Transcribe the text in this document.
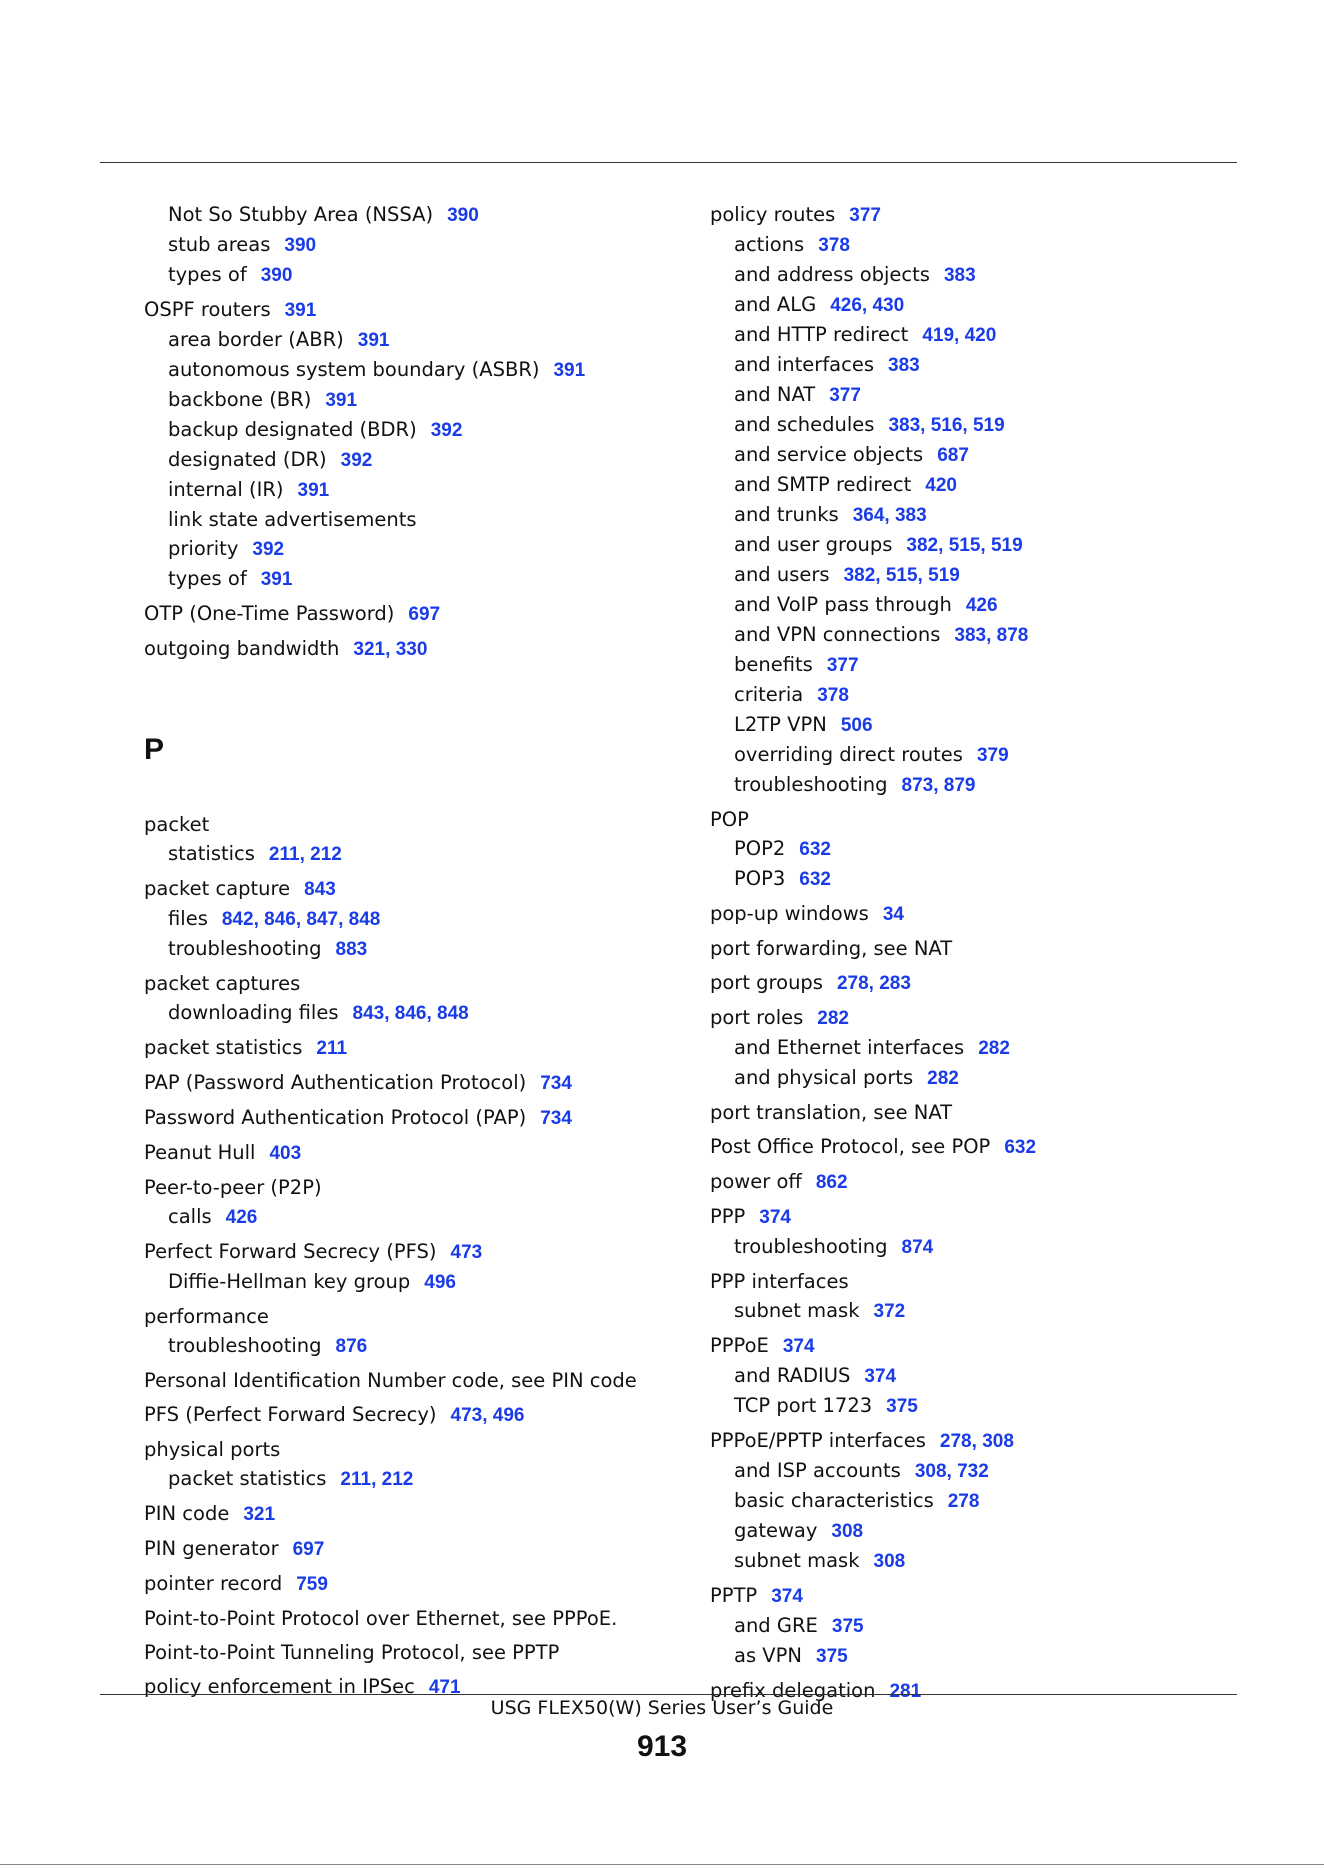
Not So Stubby Area (NSSA) 390
stub areas 390
types of 390
OSPF routers 391
area border (ABR) 391
autonomous system boundary (ASBR) 391
backbone (BR) 391
backup designated (BDR) 392
designated (DR) 392
internal (IR) 391
link state advertisements
priority 392
types of 391
OTP (One-Time Password) 697
outgoing bandwidth 321, 330
P
packet
statistics 211, 212
packet capture 843
files 842, 846, 847, 848
troubleshooting 883
packet captures
downloading files 843, 846, 848
packet statistics 211
PAP (Password Authentication Protocol) 734
Password Authentication Protocol (PAP) 734
Peanut Hull 403
Peer-to-peer (P2P)
calls 426
Perfect Forward Secrecy (PFS) 473
Diffie-Hellman key group 496
performance
troubleshooting 876
Personal Identification Number code, see PIN code
PFS (Perfect Forward Secrecy) 473, 496
physical ports
packet statistics 211, 212
PIN code 321
PIN generator 697
pointer record 759
Point-to-Point Protocol over Ethernet, see PPPoE.
Point-to-Point Tunneling Protocol, see PPTP
policy enforcement in IPSec 471
policy routes 377
actions 378
and address objects 383
and ALG 426, 430
and HTTP redirect 419, 420
and interfaces 383
and NAT 377
and schedules 383, 516, 519
and service objects 687
and SMTP redirect 420
and trunks 364, 383
and user groups 382, 515, 519
and users 382, 515, 519
and VoIP pass through 426
and VPN connections 383, 878
benefits 377
criteria 378
L2TP VPN 506
overriding direct routes 379
troubleshooting 873, 879
POP
POP2 632
POP3 632
pop-up windows 34
port forwarding, see NAT
port groups 278, 283
port roles 282
and Ethernet interfaces 282
and physical ports 282
port translation, see NAT
Post Office Protocol, see POP 632
power off 862
PPP 374
troubleshooting 874
PPP interfaces
subnet mask 372
PPPoE 374
and RADIUS 374
TCP port 1723 375
PPPoE/PPTP interfaces 278, 308
and ISP accounts 308, 732
basic characteristics 278
gateway 308
subnet mask 308
PPTP 374
and GRE 375
as VPN 375
prefix delegation 281
USG FLEX50(W) Series User’s Guide
913
